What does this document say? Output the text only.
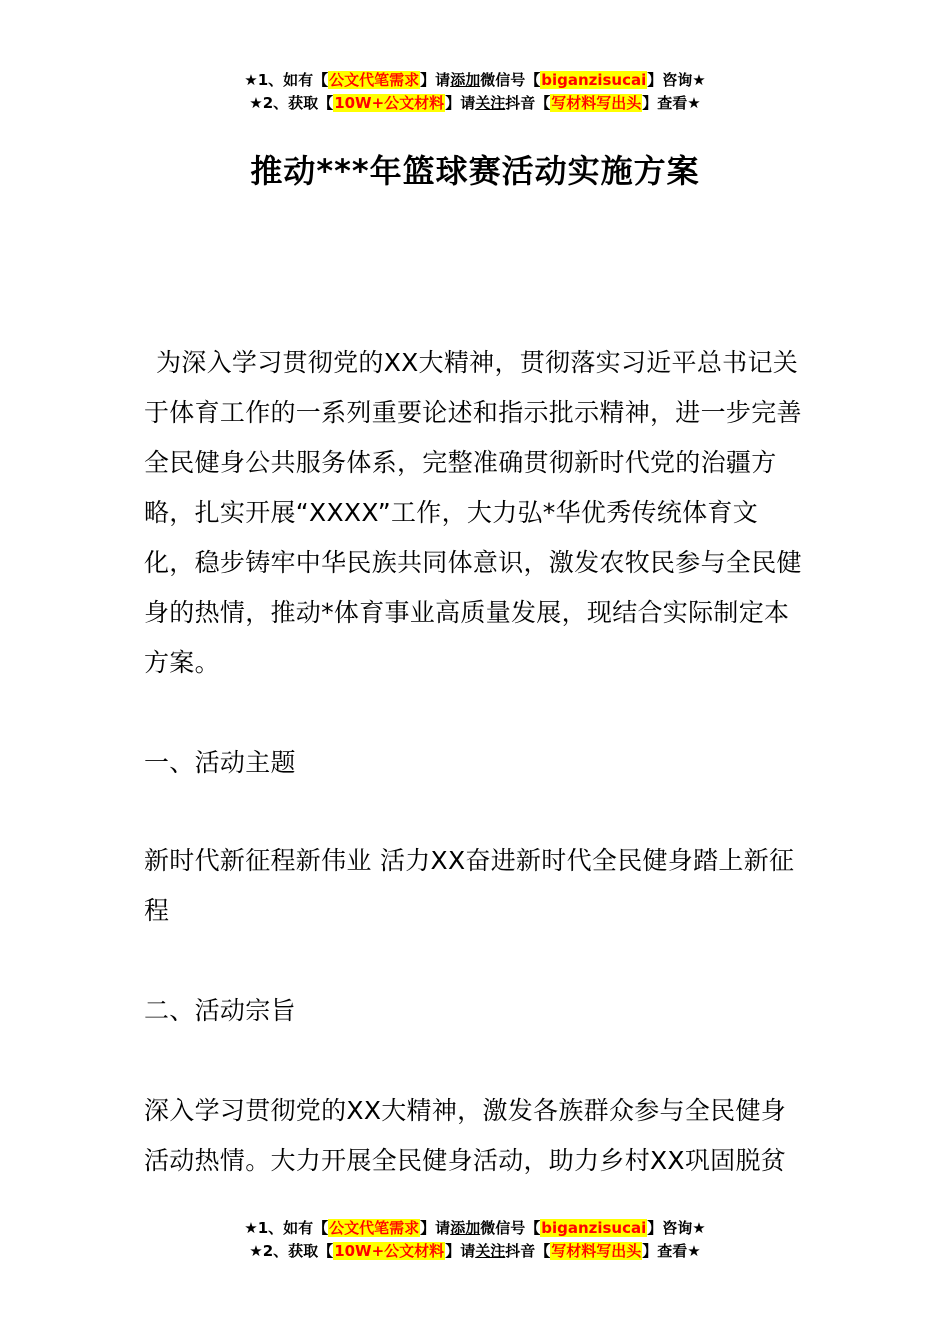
★1、如有【公文代笔需求】请添加微信号【biganzisucai】咨询★
★2、获取【10W+公文材料】请关注抖音【写材料写出头】查看★
推动***年篮球赛活动实施方案
为深入学习贯彻党的XX大精神，贯彻落实习近平总书记关于体育工作的一系列重要论述和指示批示精神，进一步完善全民健身公共服务体系，完整准确贯彻新时代党的治疆方略，扎实开展“XXXX”工作，大力弘*华优秀传统体育文化，稳步铸牢中华民族共同体意识，激发农牧民参与全民健身的热情，推动*体育事业高质量发展，现结合实际制定本方案。
一、活动主题
新时代新征程新伟业 活力XX奋进新时代全民健身踏上新征程
二、活动宗旨
深入学习贯彻党的XX大精神，激发各族群众参与全民健身活动热情。大力开展全民健身活动，助力乡村XX巩固脱贫
★1、如有【公文代笔需求】请添加微信号【biganzisucai】咨询★
★2、获取【10W+公文材料】请关注抖音【写材料写出头】查看★
